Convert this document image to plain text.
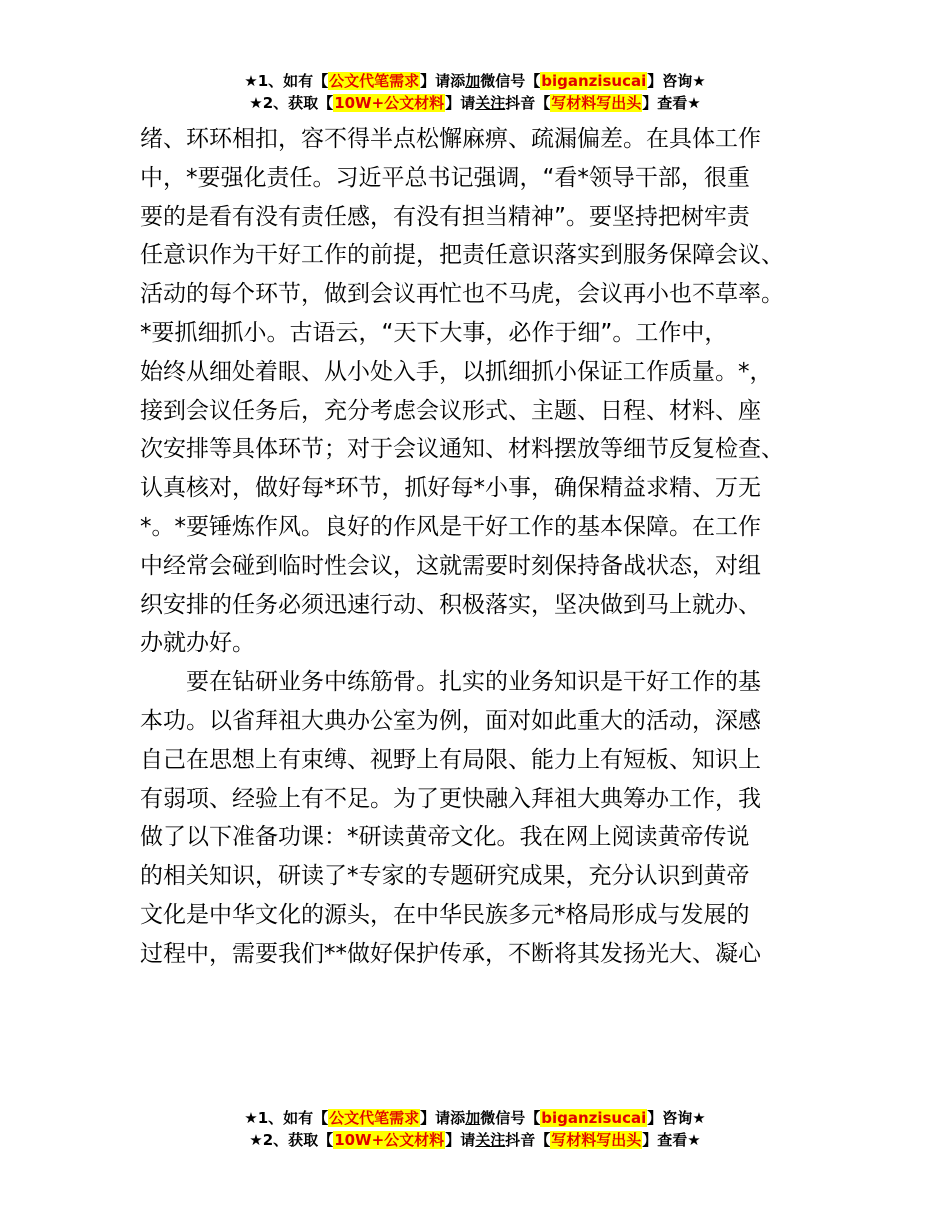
★1、如有【公文代笔需求】请添加微信号【biganzisucai】咨询★
★2、获取【10W+公文材料】请关注抖音【写材料写出头】查看★

绪、环环相扣，容不得半点松懈麻痹、疏漏偏差。在具体工作

中，*要强化责任。习近平总书记强调，“看*领导干部，很重

要的是看有没有责任感，有没有担当精神”。要坚持把树牢责

任意识作为干好工作的前提，把责任意识落实到服务保障会议、

活动的每个环节，做到会议再忙也不马虎，会议再小也不草率。

*要抓细抓小。古语云，“天下大事，必作于细”。工作中，

始终从细处着眼、从小处入手，以抓细抓小保证工作质量。*，

接到会议任务后，充分考虑会议形式、主题、日程、材料、座

次安排等具体环节；对于会议通知、材料摆放等细节反复检查、

认真核对，做好每*环节，抓好每*小事，确保精益求精、万无

*。*要锤炼作风。良好的作风是干好工作的基本保障。在工作

中经常会碰到临时性会议，这就需要时刻保持备战状态，对组

织安排的任务必须迅速行动、积极落实，坚决做到马上就办、

办就办好。

要在钻研业务中练筋骨。扎实的业务知识是干好工作的基

本功。以省拜祖大典办公室为例，面对如此重大的活动，深感

自己在思想上有束缚、视野上有局限、能力上有短板、知识上

有弱项、经验上有不足。为了更快融入拜祖大典筹办工作，我

做了以下准备功课：*研读黄帝文化。我在网上阅读黄帝传说

的相关知识，研读了*专家的专题研究成果，充分认识到黄帝

文化是中华文化的源头，在中华民族多元*格局形成与发展的

过程中，需要我们**做好保护传承，不断将其发扬光大、凝心

★1、如有【公文代笔需求】请添加微信号【biganzisucai】咨询★
★2、获取【10W+公文材料】请关注抖音【写材料写出头】查看★
